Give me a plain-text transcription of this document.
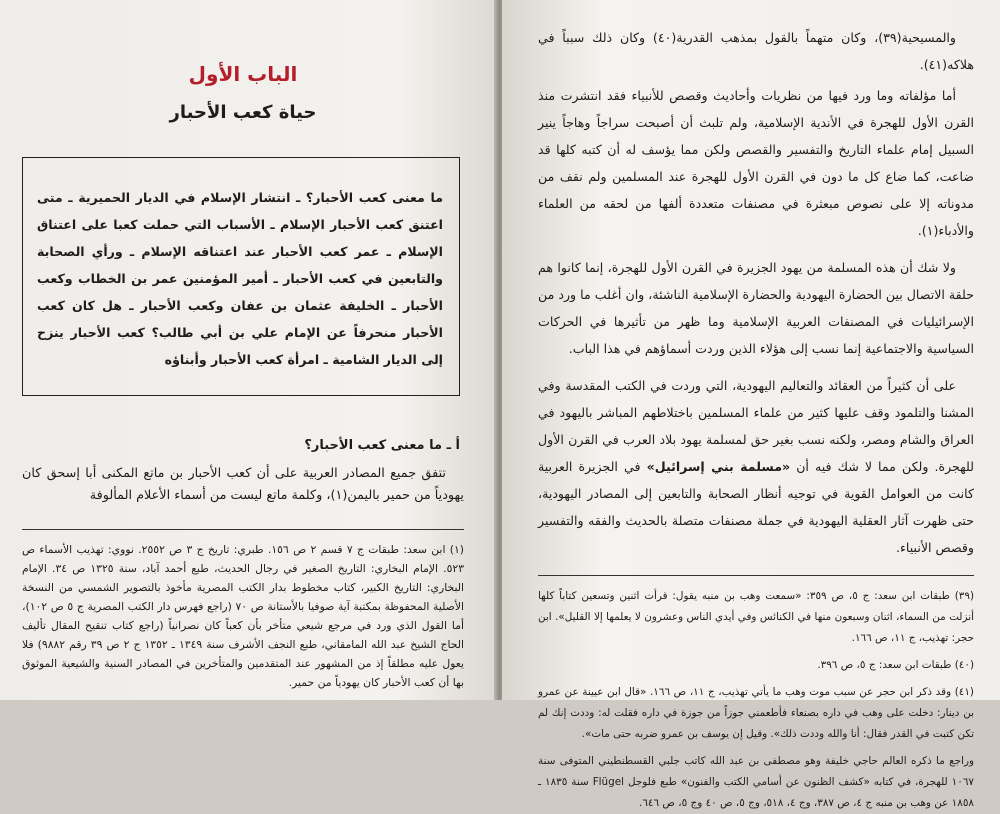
الباب الأول
حياة كعب الأحبار

ما معنى كعب الأحبار؟ ـ انتشار الإسلام في الديار الحميرية ـ متى اعتنق كعب الأحبار الإسلام ـ الأسباب التي حملت كعبا على اعتناق الإسلام ـ عمر كعب الأحبار عند اعتناقه الإسلام ـ ورأي الصحابة والتابعين في كعب الأحبار ـ أمير المؤمنين عمر بن الخطاب وكعب الأحبار ـ الخليفة عثمان بن عفان وكعب الأحبار ـ هل كان كعب الأحبار منحرفاً عن الإمام علي بن أبي طالب؟ كعب الأحبار ينزح إلى الديار الشامية ـ امرأة كعب الأحبار وأبناؤه

أ ـ ما معنى كعب الأحبار؟

تتفق جميع المصادر العربية على أن كعب الأحبار بن ماتع المكنى أبا إسحق كان يهودياً من حمير باليمن(١)، وكلمة ماتع ليست من أسماء الأعلام المألوفة

(١) ابن سعد: طبقات ج ٧ قسم ٢ ص ١٥٦. طبري: تاريخ ج ٣ ص ٢٥٥٢. نووي: تهذيب الأسماء ص ٥٢٣. الإمام البخاري: التاريخ الصغير في رجال الحديث، طبع أحمد آباد، سنة ١٣٢٥ ص ٣٤. الإمام البخاري: التاريخ الكبير، كتاب مخطوط بدار الكتب المصرية مأخوذ بالتصوير الشمسي من النسخة الأصلية المحفوظة بمكتبة آية صوفيا بالأستانة ص ٧٠ (راجع فهرس دار الكتب المصرية ج ٥ ص ١٠٢)، أما القول الذي ورد في مرجع شيعي متأخر بأن كعباً كان نصرانياً (راجع كتاب تنقيح المقال تأليف الحاج الشيخ عبد الله المامقاني، طبع النجف الأشرف سنة ١٣٤٩ ـ ١٣٥٢ ج ٢ ص ٣٩ رقم ٩٨٨٢) فلا يعول عليه مطلقاً إذ من المشهور عند المتقدمين والمتأخرين في المصادر السنية والشيعية الموثوق بها أن كعب الأحبار كان يهودياً من حمير.

والمسيحية(٣٩)، وكان متهماً بالقول بمذهب القدرية(٤٠) وكان ذلك سبباً في هلاكه(٤١).

أما مؤلفاته وما ورد فيها من نظريات وأحاديث وقصص للأنبياء فقد انتشرت منذ القرن الأول للهجرة في الأندية الإسلامية، ولم تلبث أن أصبحت سراجاً وهاجاً ينير السبيل إمام علماء التاريخ والتفسير والقصص ولكن مما يؤسف له أن كتبه كلها قد ضاعت، كما ضاع كل ما دون في القرن الأول للهجرة عند المسلمين ولم نقف من مدوناته إلا على نصوص مبعثرة في مصنفات متعددة ألفها من لحقه من العلماء والأدباء(١).

ولا شك أن هذه المسلمة من يهود الجزيرة في القرن الأول للهجرة، إنما كانوا هم حلقة الاتصال بين الحضارة اليهودية والحضارة الإسلامية الناشئة، وان أغلب ما ورد من الإسرائيليات في المصنفات العربية الإسلامية وما ظهر من تأثيرها في الحركات السياسية والاجتماعية إنما نسب إلى هؤلاء الذين وردت أسماؤهم في هذا الباب.

على أن كثيراً من العقائد والتعاليم اليهودية، التي وردت في الكتب المقدسة وفي المشنا والتلمود وقف عليها كثير من علماء المسلمين باختلاطهم المباشر باليهود في العراق والشام ومصر، ولكنه نسب بغير حق لمسلمة يهود بلاد العرب في القرن الأول للهجرة. ولكن مما لا شك فيه أن «مسلمة بني إسرائيل» في الجزيرة العربية كانت من العوامل القوية في توجيه أنظار الصحابة والتابعين إلى المصادر اليهودية، حتى ظهرت آثار العقلية اليهودية في جملة مصنفات متصلة بالحديث والفقه والتفسير وقصص الأنبياء.

(٣٩) طبقات ابن سعد: ج ٥، ص ٣٥٩: «سمعت وهب بن منبه يقول: قرأت اثنين وتسعين كتاباً كلها أنزلت من السماء، اثنان وسبعون منها في الكنائس وفي أيدي الناس وعشرون لا يعلمها إلا القليل». ابن حجر: تهذيب، ج ١١، ص ١٦٦.

(٤٠) طبقات ابن سعد: ج ٥، ص ٣٩٦.

(٤١) وقد ذكر ابن حجر عن سبب موت وهب ما يأتي تهذيب، ج ١١، ص ١٦٦. «قال ابن عيينة عن عمرو بن دينار: دخلت على وهب في داره بصنعاء فأطعمني جوزاً من جوزة في داره فقلت له: وددت إنك لم تكن كتبت في القدر فقال: أنا والله وددت ذلك». وقيل إن يوسف بن عمرو ضربه حتى مات».

وراجع ما ذكره العالم حاجي خليفة وهو مصطفى بن عبد الله كاتب جلبي القسطنطيني المتوفى سنة ١٠٦٧ للهجرة، في كتابه «كشف الظنون عن أسامي الكتب والفنون» طبع فلوجل Flügel سنة ١٨٣٥ ـ ١٨٥٨ عن وهب بن منبه ج ٤، ص ٣٨٧، وج ٤، ٥١٨، وج ٥، ص ٤٠ وج ٥، ص ٦٤٦.
